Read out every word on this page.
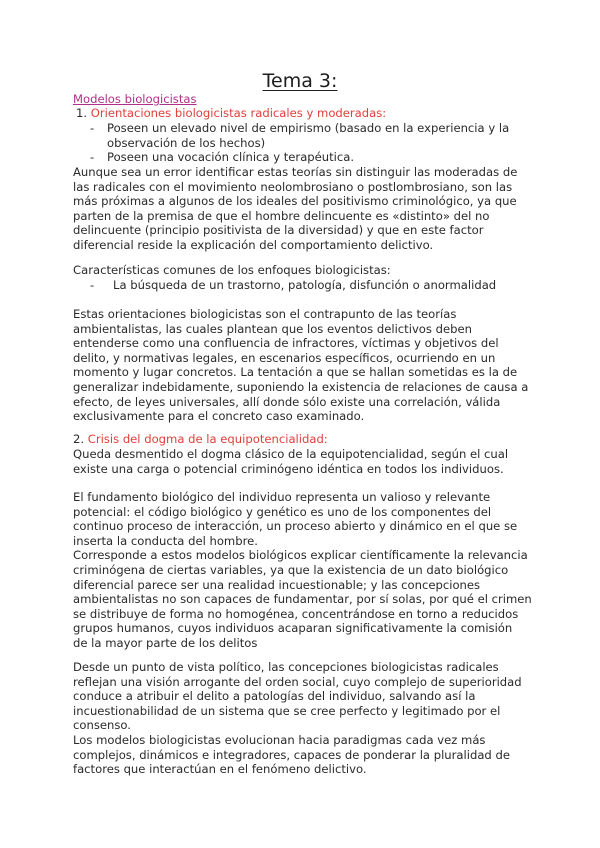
Tema 3:

Modelos biologicistas

1. Orientaciones biologicistas radicales y moderadas:

- Poseen un elevado nivel de empirismo (basado en la experiencia y la

observación de los hechos)

- Poseen una vocación clínica y terapéutica.

Aunque sea un error identificar estas teorías sin distinguir las moderadas de

las radicales con el movimiento neolombrosiano o postlombrosiano, son las

más próximas a algunos de los ideales del positivismo criminológico, ya que

parten de la premisa de que el hombre delincuente es «distinto» del no

delincuente (principio positivista de la diversidad) y que en este factor

diferencial reside la explicación del comportamiento delictivo.

Características comunes de los enfoques biologicistas:

- La búsqueda de un trastorno, patología, disfunción o anormalidad

Estas orientaciones biologicistas son el contrapunto de las teorías

ambientalistas, las cuales plantean que los eventos delictivos deben

entenderse como una confluencia de infractores, víctimas y objetivos del

delito, y normativas legales, en escenarios específicos, ocurriendo en un

momento y lugar concretos. La tentación a que se hallan sometidas es la de

generalizar indebidamente, suponiendo la existencia de relaciones de causa a

efecto, de leyes universales, allí donde sólo existe una correlación, válida

exclusivamente para el concreto caso examinado.

2. Crisis del dogma de la equipotencialidad:

Queda desmentido el dogma clásico de la equipotencialidad, según el cual

existe una carga o potencial criminógeno idéntica en todos los individuos.

El fundamento biológico del individuo representa un valioso y relevante

potencial: el código biológico y genético es uno de los componentes del

continuo proceso de interacción, un proceso abierto y dinámico en el que se

inserta la conducta del hombre.

Corresponde a estos modelos biológicos explicar científicamente la relevancia

criminógena de ciertas variables, ya que la existencia de un dato biológico

diferencial parece ser una realidad incuestionable; y las concepciones

ambientalistas no son capaces de fundamentar, por sí solas, por qué el crimen

se distribuye de forma no homogénea, concentrándose en torno a reducidos

grupos humanos, cuyos individuos acaparan significativamente la comisión

de la mayor parte de los delitos

Desde un punto de vista político, las concepciones biologicistas radicales

reflejan una visión arrogante del orden social, cuyo complejo de superioridad

conduce a atribuir el delito a patologías del individuo, salvando así la

incuestionabilidad de un sistema que se cree perfecto y legitimado por el

consenso.

Los modelos biologicistas evolucionan hacia paradigmas cada vez más

complejos, dinámicos e integradores, capaces de ponderar la pluralidad de

factores que interactúan en el fenómeno delictivo.
